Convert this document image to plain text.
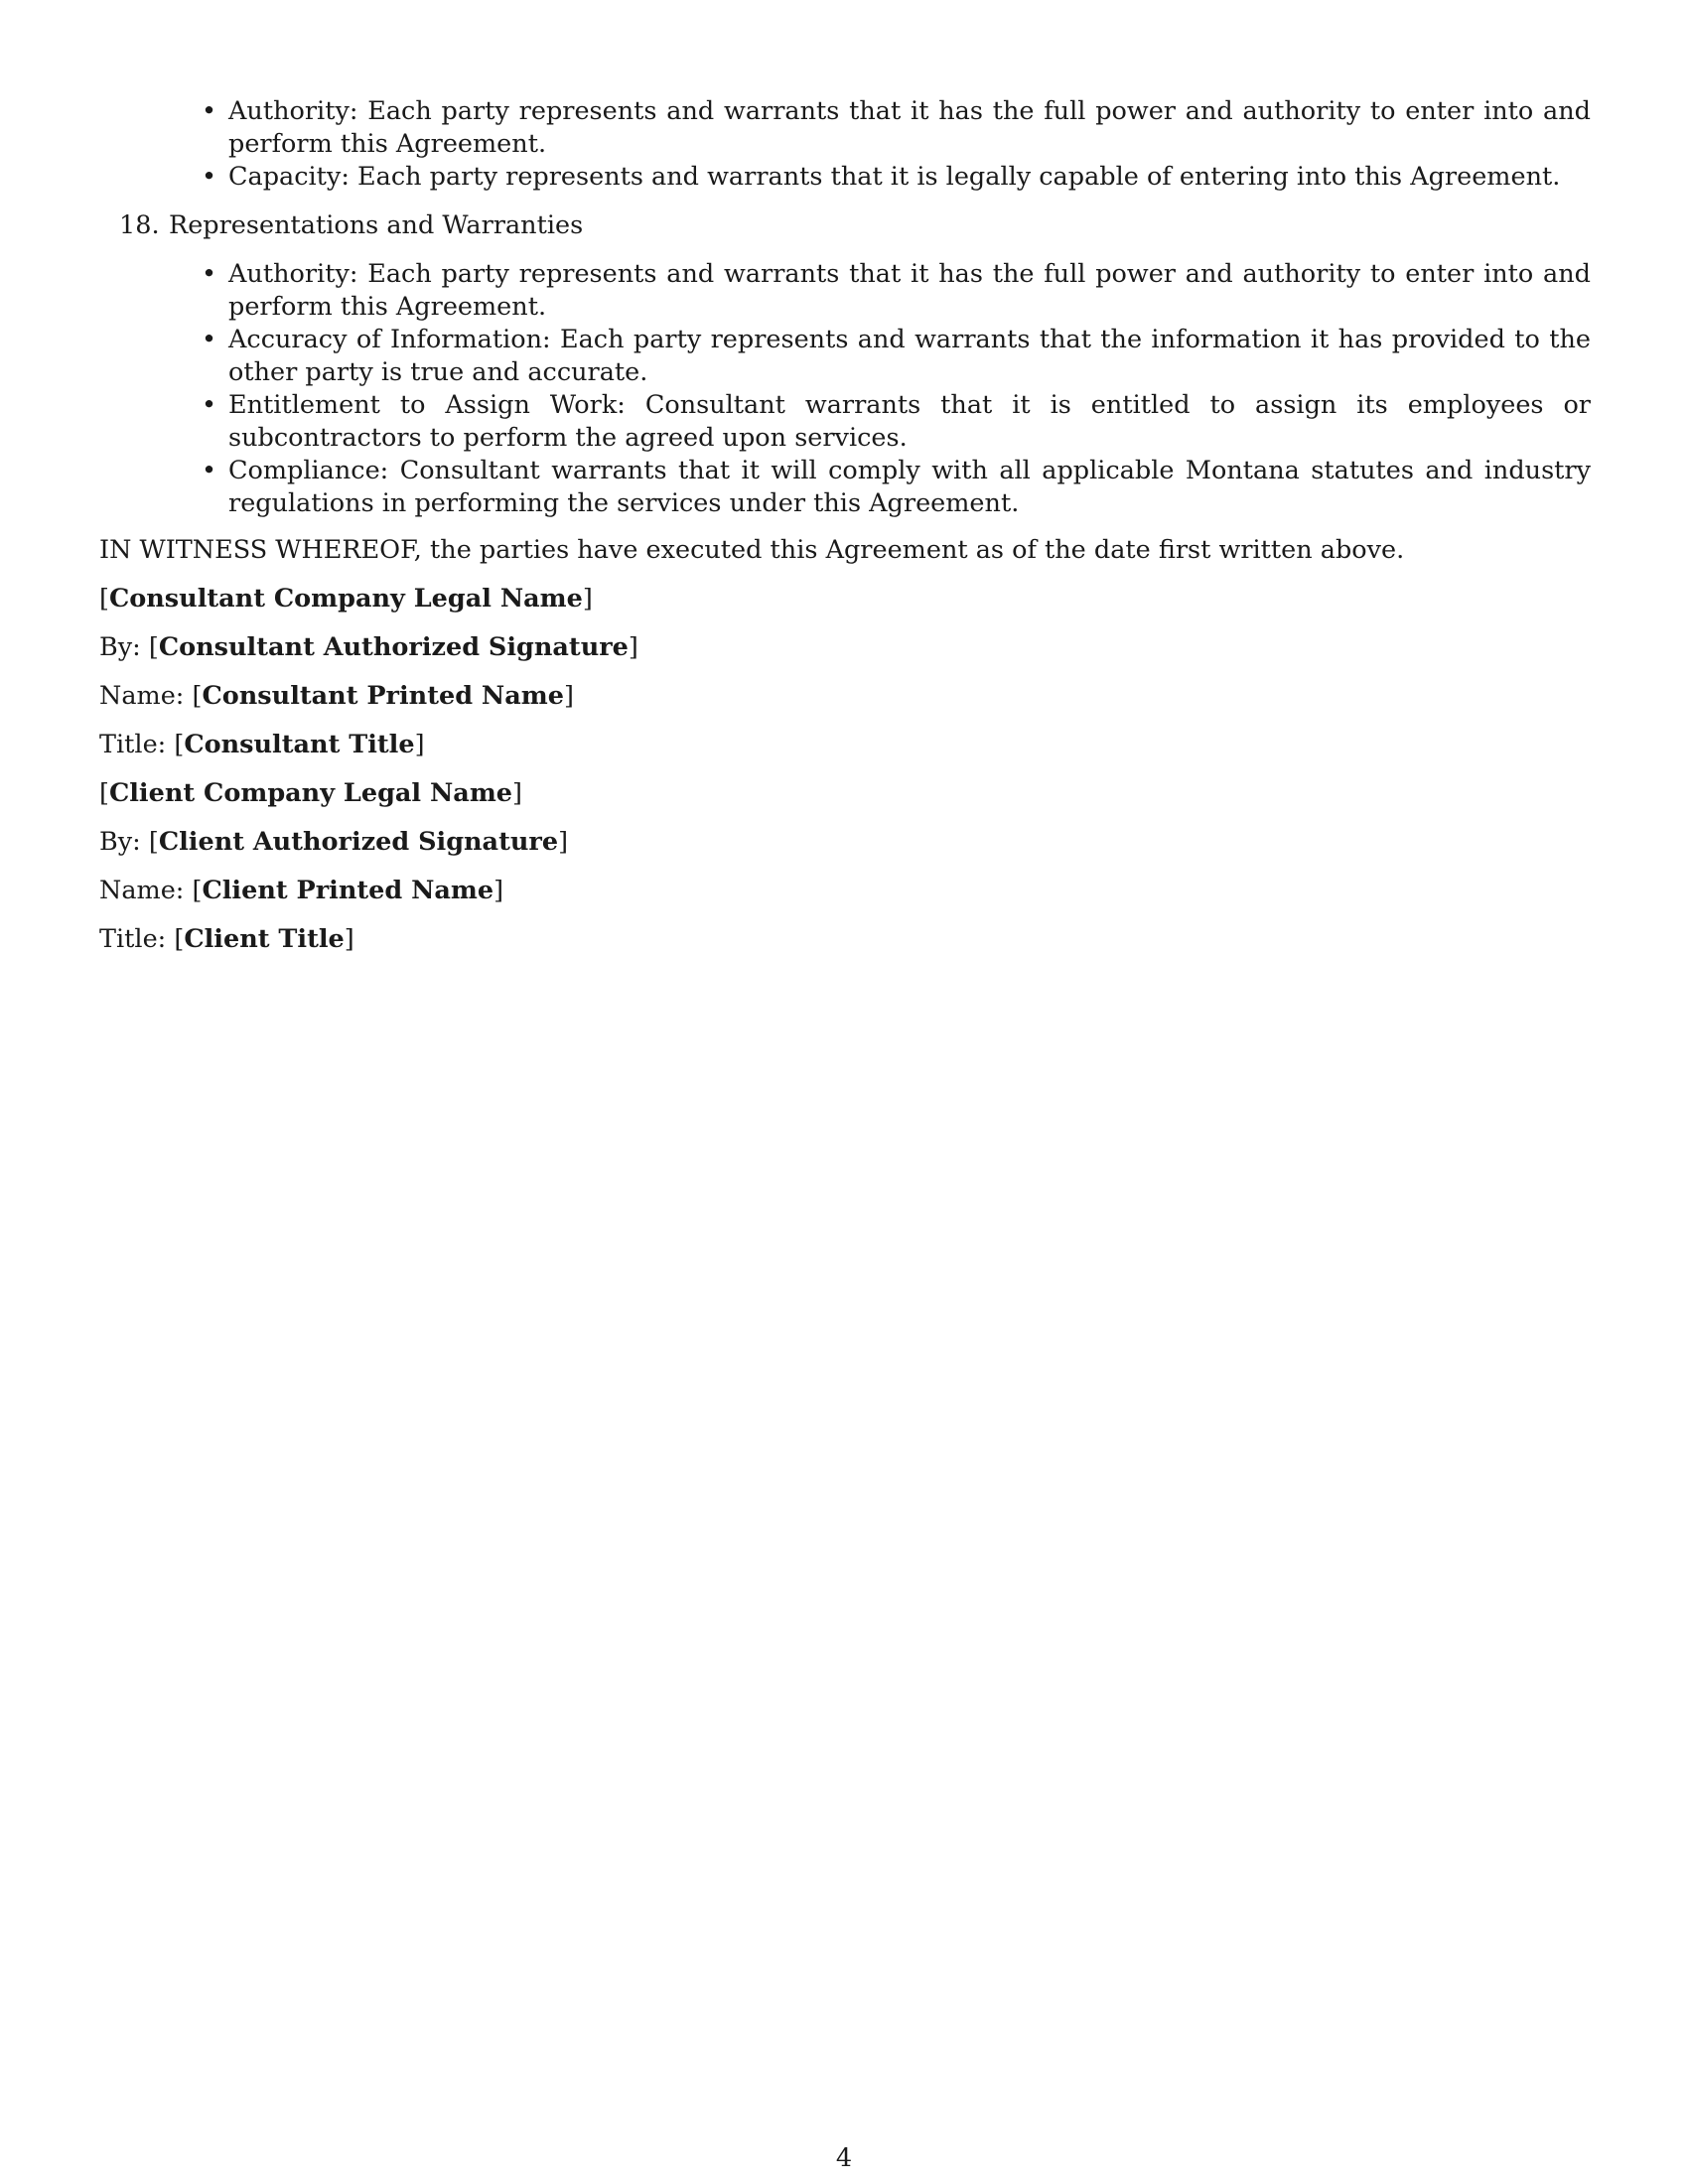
• Authority: Each party represents and warrants that it has the full power and authority to enter into and perform this Agreement.
• Capacity: Each party represents and warrants that it is legally capable of entering into this Agreement.
18. Representations and Warranties
• Authority: Each party represents and warrants that it has the full power and authority to enter into and perform this Agreement.
• Accuracy of Information: Each party represents and warrants that the information it has provided to the other party is true and accurate.
• Entitlement to Assign Work: Consultant warrants that it is entitled to assign its employees or subcontractors to perform the agreed upon services.
• Compliance: Consultant warrants that it will comply with all applicable Montana statutes and industry regulations in performing the services under this Agreement.

IN WITNESS WHEREOF, the parties have executed this Agreement as of the date first written above.

[Consultant Company Legal Name]

By: [Consultant Authorized Signature]

Name: [Consultant Printed Name]

Title: [Consultant Title]

[Client Company Legal Name]

By: [Client Authorized Signature]

Name: [Client Printed Name]

Title: [Client Title]

4
